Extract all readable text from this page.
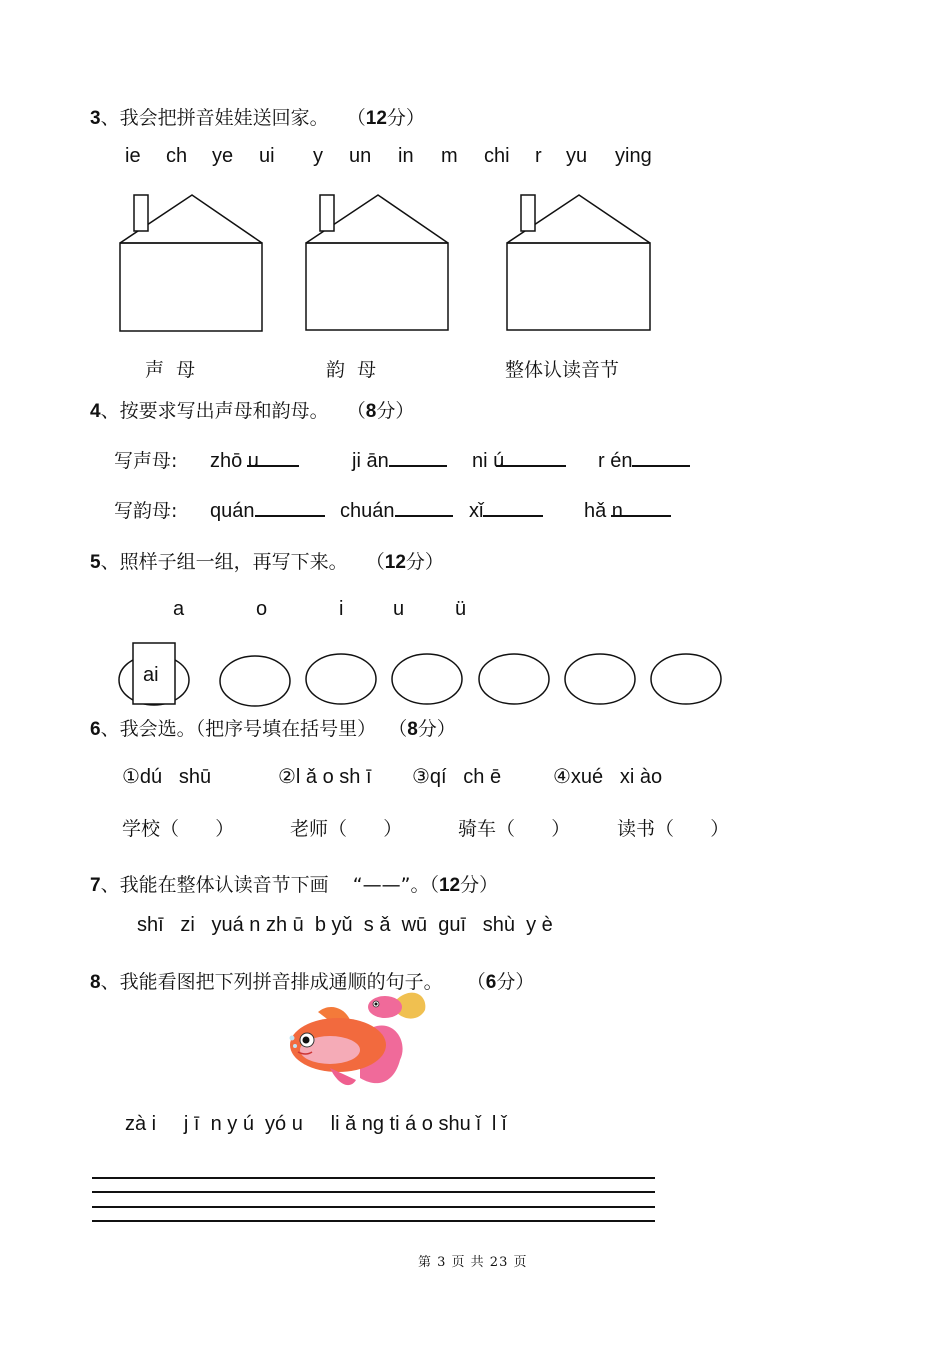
3、我会把拼音娃娃送回家。 （12分）
ie ch ye ui y un in m chi r yu ying
声  母	韵  母	整体认读音节
4、按要求写出声母和韵母。 （8分）
写声母: zhō u	ji ān	ni ú	r én
写韵母: quán	chuán	xǐ	hǎ n
5、照样子组一组，再写下来。 （12分）
a	o	i u	ü
ai
6、我会选。（把序号填在括号里） （8分）
①dú   shū	②l ǎ o sh ī ③qí   ch ē	④xué   xi ào
学校（      ）	老师（      ）	骑车（      ） 读书（      ）
7、我能在整体认读音节下画 “——”。（12分）
shī   zi   yuá n zh ū  b yǔ  s ǎ  wū  guī   shù  y è
8、我能看图把下列拼音排成通顺的句子。 （6分）
zà i     j ī  n y ú  yó u     li ǎ ng ti á o shu ǐ  l ǐ
第 3 页 共 23 页
